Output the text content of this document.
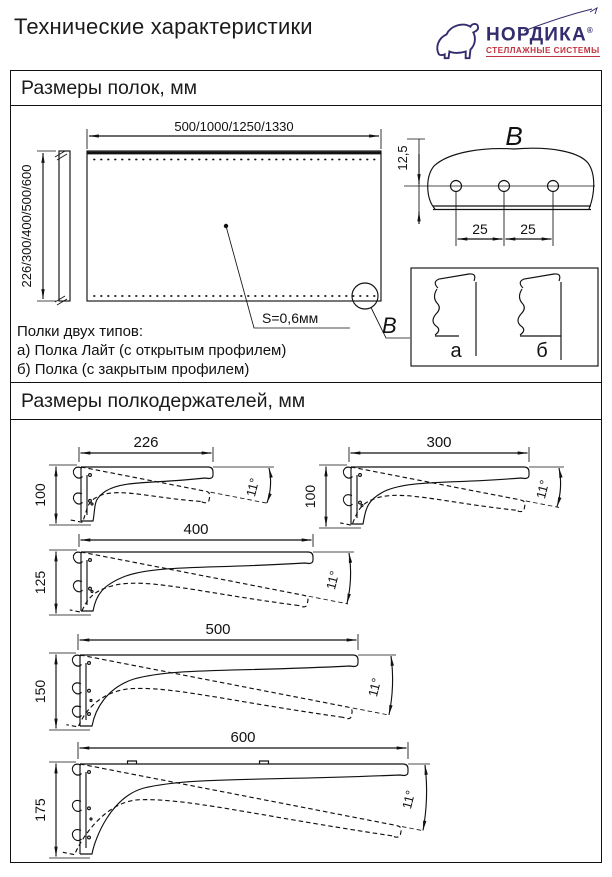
Технические характеристики	НОРДИКА®
СТЕЛЛАЖНЫЕ СИСТЕМЫ
Размеры полок, мм
500/1000/1250/1330
226/300/400/500/600
S=0,6мм	В
В
12,5
25 25
а	б
Полки двух типов:
а) Полка Лайт (с открытым профилем)
б) Полка (с закрытым профилем)
Размеры полкодержателей, мм
226
100	11°
300
100	11°
400
125	11°
500
150	11°
600
175	11°
